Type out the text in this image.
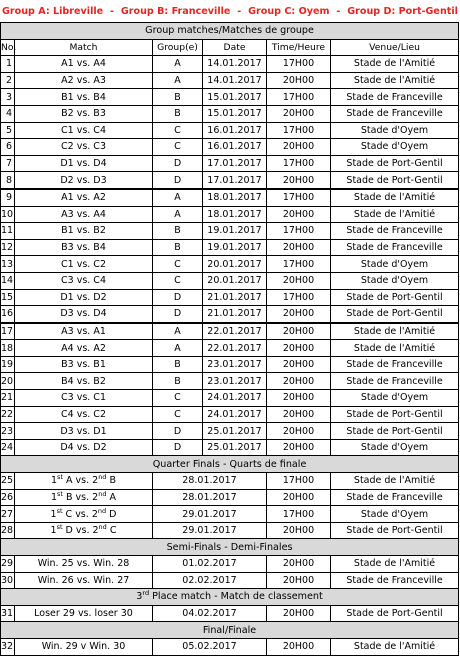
Group A: Libreville - Group B: Franceville - Group C: Oyem - Group D: Port-Gentil
Group matches/Matches de groupe					
No.	Match	Group(e)	Date	Time/Heure	Venue/Lieu
1	A1 vs. A4	A	14.01.2017	17H00	Stade de l'Amitié
2	A2 vs. A3	A	14.01.2017	20H00	Stade de l'Amitié
3	B1 vs. B4	B	15.01.2017	17H00	Stade de Franceville
4	B2 vs. B3	B	15.01.2017	20H00	Stade de Franceville
5	C1 vs. C4	C	16.01.2017	17H00	Stade d'Oyem
6	C2 vs. C3	C	16.01.2017	20H00	Stade d'Oyem
7	D1 vs. D4	D	17.01.2017	17H00	Stade de Port-Gentil
8	D2 vs. D3	D	17.01.2017	20H00	Stade de Port-Gentil
9	A1 vs. A2	A	18.01.2017	17H00	Stade de l'Amitié
10	A3 vs. A4	A	18.01.2017	20H00	Stade de l'Amitié
11	B1 vs. B2	B	19.01.2017	17H00	Stade de Franceville
12	B3 vs. B4	B	19.01.2017	20H00	Stade de Franceville
13	C1 vs. C2	C	20.01.2017	17H00	Stade d'Oyem
14	C3 vs. C4	C	20.01.2017	20H00	Stade d'Oyem
15	D1 vs. D2	D	21.01.2017	17H00	Stade de Port-Gentil
16	D3 vs. D4	D	21.01.2017	20H00	Stade de Port-Gentil
17	A3 vs. A1	A	22.01.2017	20H00	Stade de l'Amitié
18	A4 vs. A2	A	22.01.2017	20H00	Stade de l'Amitié
19	B3 vs. B1	B	23.01.2017	20H00	Stade de Franceville
20	B4 vs. B2	B	23.01.2017	20H00	Stade de Franceville
21	C3 vs. C1	C	24.01.2017	20H00	Stade d'Oyem
22	C4 vs. C2	C	24.01.2017	20H00	Stade de Port-Gentil
23	D3 vs. D1	D	25.01.2017	20H00	Stade de Port-Gentil
24	D4 vs. D2	D	25.01.2017	20H00	Stade d'Oyem
Quarter Finals - Quarts de finale					
25	1st A vs. 2nd B	28.01.2017		17H00	Stade de l'Amitié
26	1st B vs. 2nd A	28.01.2017		20H00	Stade de Franceville
27	1st C vs. 2nd D	29.01.2017		17H00	Stade d'Oyem
28	1st D vs. 2nd C	29.01.2017		20H00	Stade de Port-Gentil
Semi-Finals - Demi-Finales					
29	Win. 25 vs. Win. 28	01.02.2017		20H00	Stade de l'Amitié
30	Win. 26 vs. Win. 27	02.02.2017		20H00	Stade de Franceville
3rd Place match - Match de classement					
31	Loser 29 vs. loser 30	04.02.2017		20H00	Stade de Port-Gentil
Final/Finale					
32	Win. 29 v Win. 30	05.02.2017		20H00	Stade de l'Amitié
